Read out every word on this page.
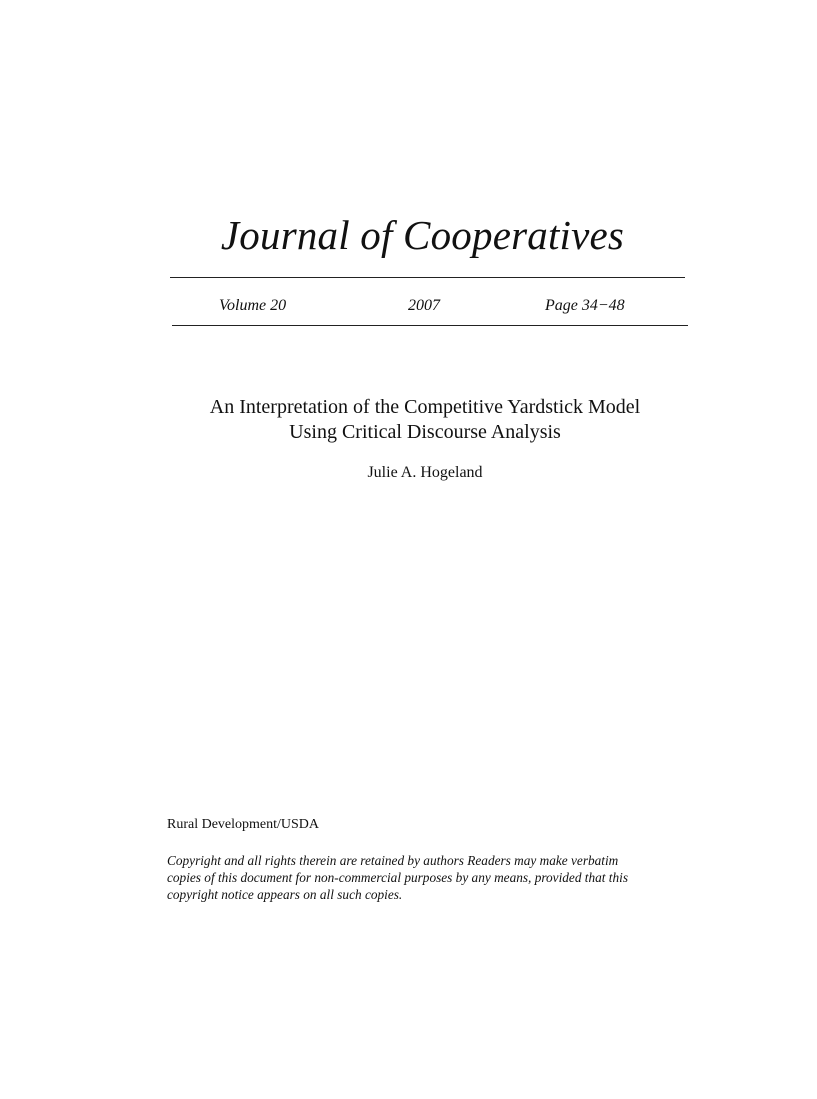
Journal of Cooperatives
Volume 20	2007	Page 34−48
An Interpretation of the Competitive Yardstick Model
Using Critical Discourse Analysis
Julie A. Hogeland
Rural Development/USDA
Copyright and all rights therein are retained by authors Readers may make verbatim
copies of this document for non-commercial purposes by any means, provided that this
copyright notice appears on all such copies.
